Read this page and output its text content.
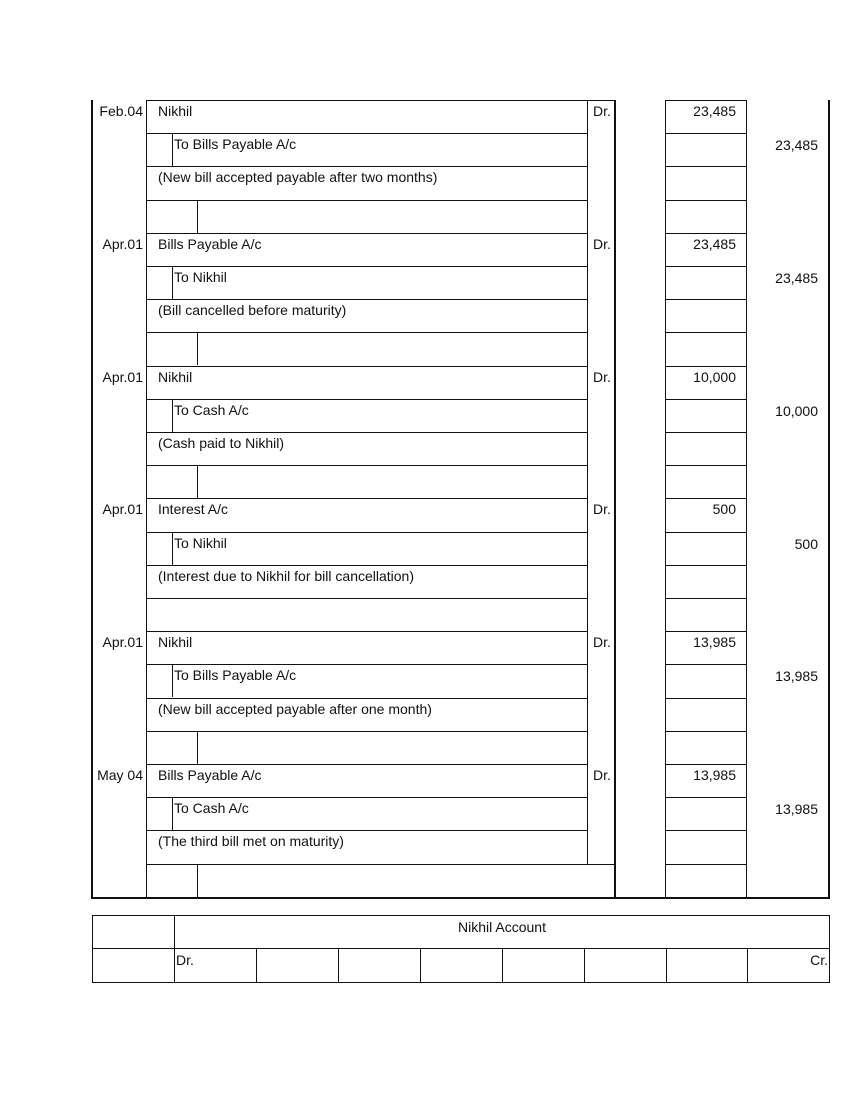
Feb.04 Nikhil	Dr.	23,485
To Bills Payable A/c	23,485
(New bill accepted payable after two months)
Apr.01 Bills Payable A/c	Dr.	23,485
To Nikhil	23,485
(Bill cancelled before maturity)
Apr.01 Nikhil	Dr.	10,000
To Cash A/c	10,000
(Cash paid to Nikhil)
Apr.01 Interest A/c	Dr.	500
To Nikhil	500
(Interest due to Nikhil for bill cancellation)
Apr.01 Nikhil	Dr.	13,985
To Bills Payable A/c	13,985
(New bill accepted payable after one month)
May 04 Bills Payable A/c	Dr.	13,985
To Cash A/c	13,985
(The third bill met on maturity)
Nikhil Account
Dr.	Cr.
